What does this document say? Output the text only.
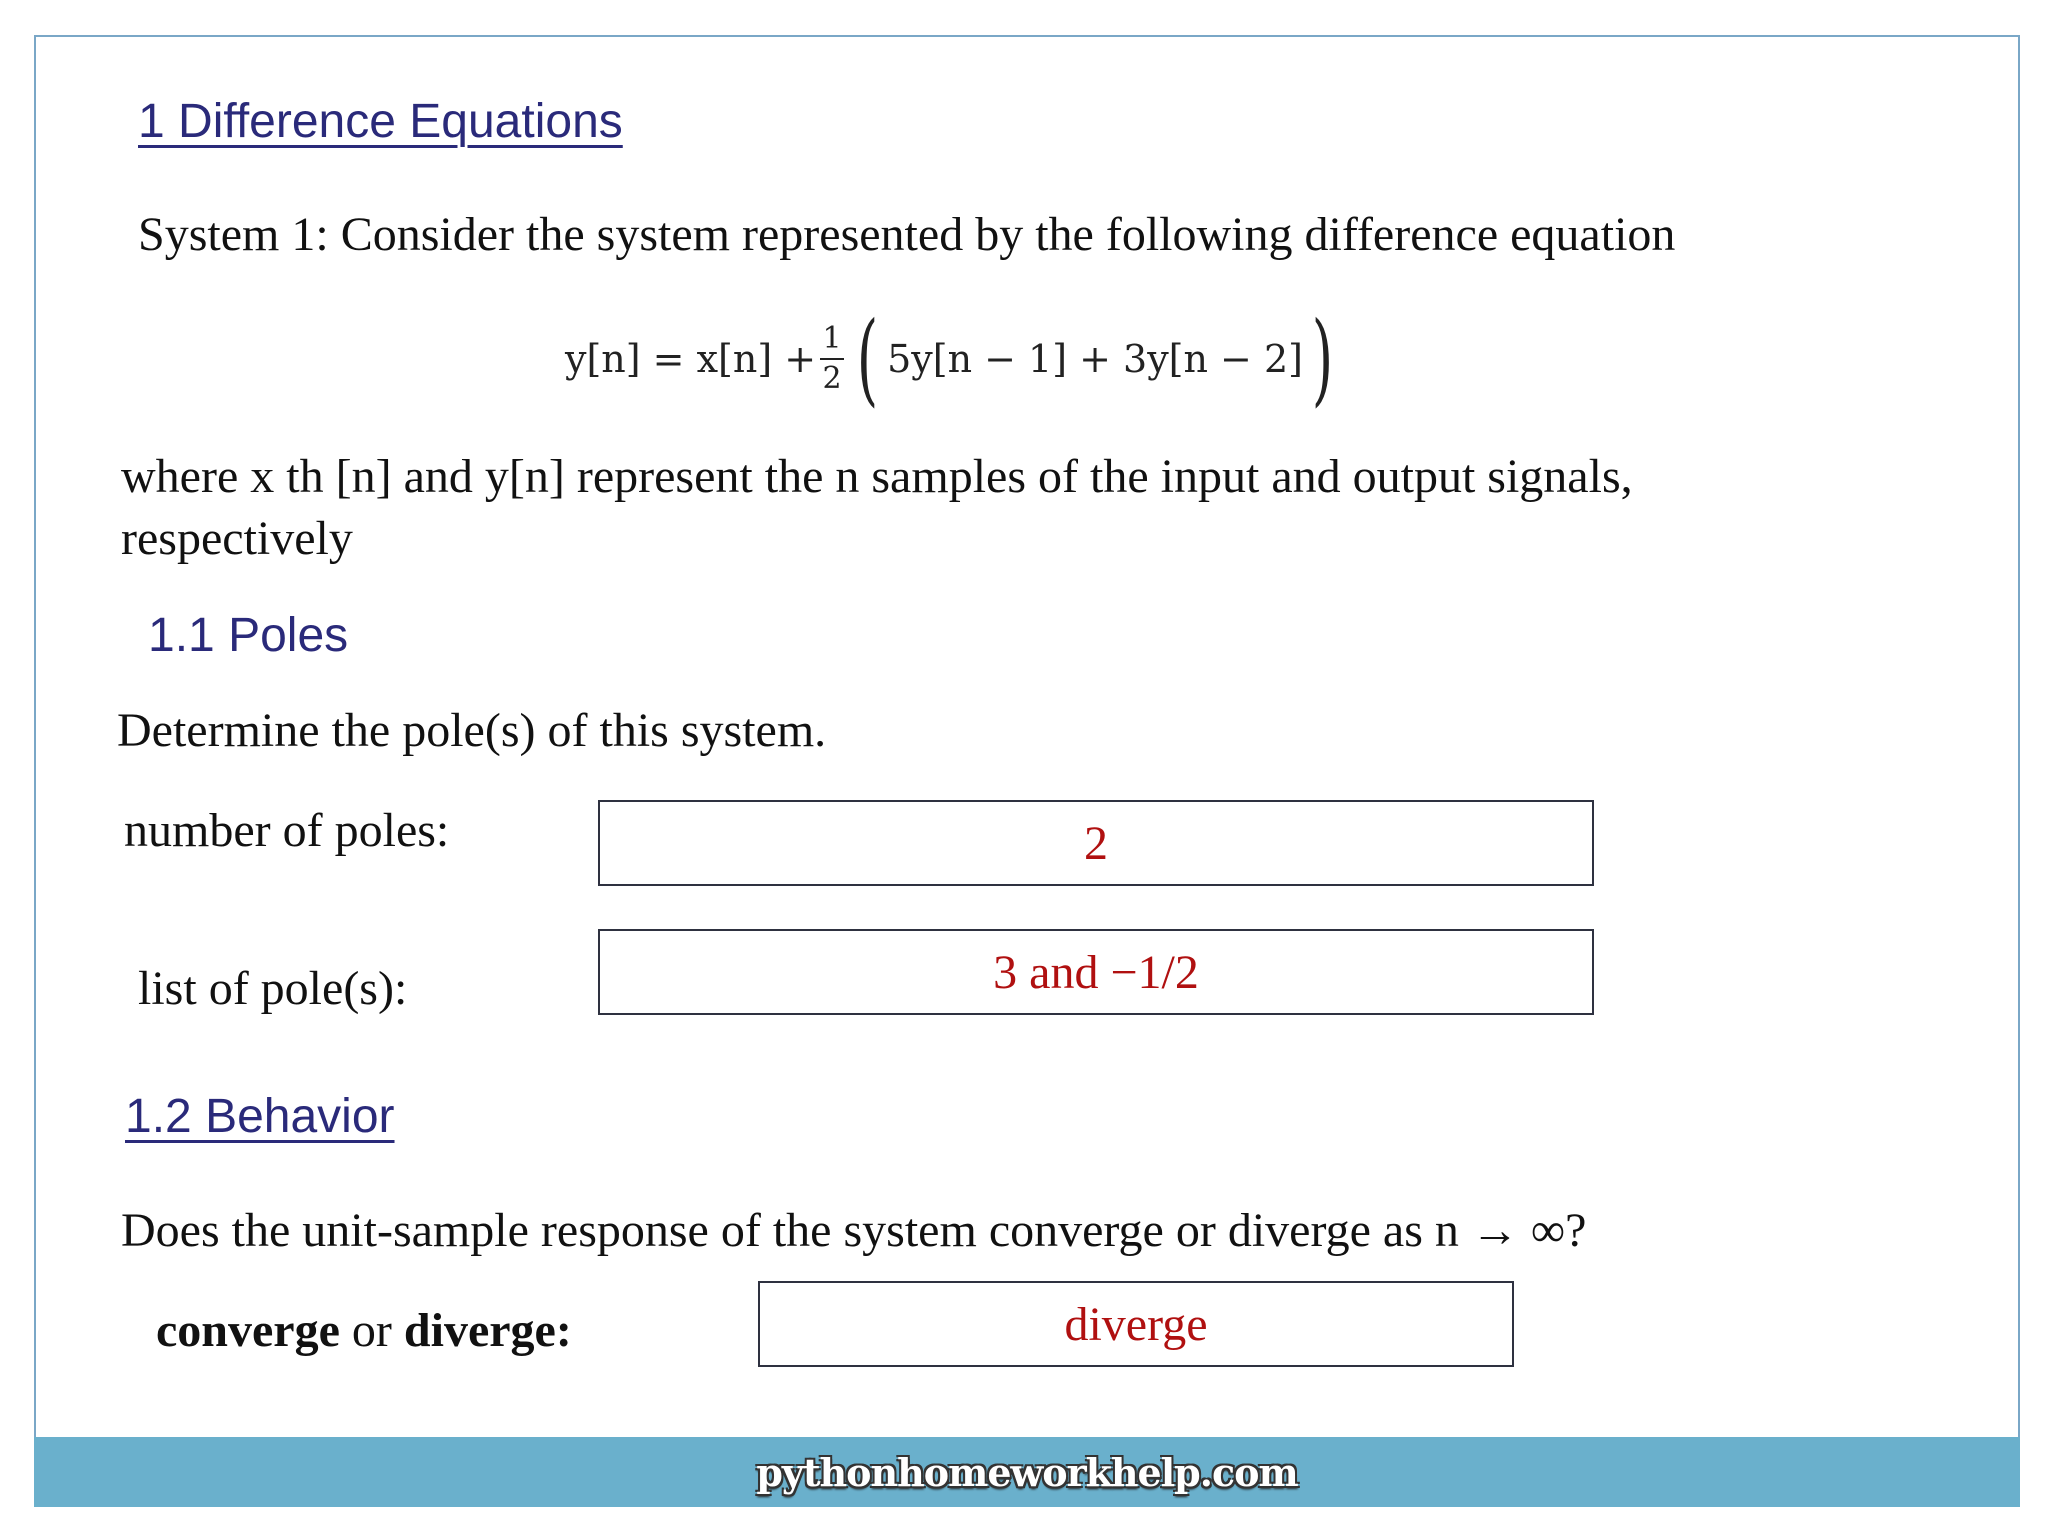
1 Difference Equations
System 1: Consider the system represented by the following difference equation
$y[n] = x[n] + \frac{1}{2}$ ( 5y[n − 1] + 3y[n − 2] )
where x th [n] and y[n] represent the n samples of the input and output signals,
respectively
1.1 Poles
Determine the pole(s) of this system.
number of poles:	2
list of pole(s):	3 and −1/2
1.2 Behavior
Does the unit-sample response of the system converge or diverge as n → ∞?
converge or diverge:	diverge
pythonhomeworkhelp.com
